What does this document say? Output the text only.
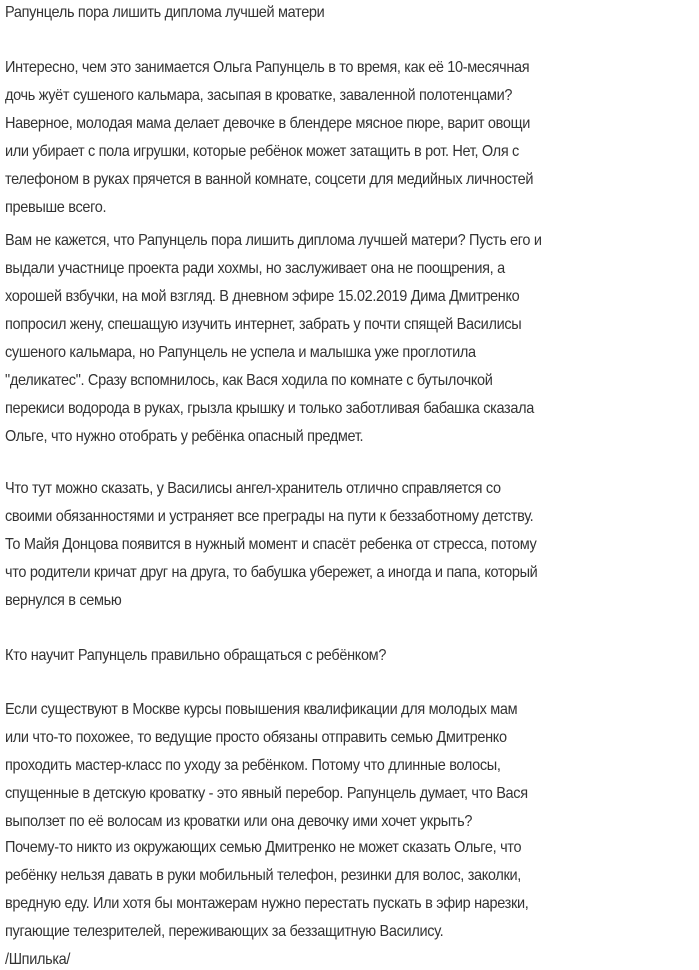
Рапунцель пора лишить диплома лучшей матери
Интересно, чем это занимается Ольга Рапунцель в то время, как её 10-месячная
дочь жуёт сушеного кальмара, засыпая в кроватке, заваленной полотенцами?
Наверное, молодая мама делает девочке в блендере мясное пюре, варит овощи
или убирает с пола игрушки, которые ребёнок может затащить в рот. Нет, Оля с
телефоном в руках прячется в ванной комнате, соцсети для медийных личностей
превыше всего.
Вам не кажется, что Рапунцель пора лишить диплома лучшей матери? Пусть его и
выдали участнице проекта ради хохмы, но заслуживает она не поощрения, а
хорошей взбучки, на мой взгляд. В дневном эфире 15.02.2019 Дима Дмитренко
попросил жену, спешащую изучить интернет, забрать у почти спящей Василисы
сушеного кальмара, но Рапунцель не успела и малышка уже проглотила
"деликатес". Сразу вспомнилось, как Вася ходила по комнате с бутылочкой
перекиси водорода в руках, грызла крышку и только заботливая бабашка сказала
Ольге, что нужно отобрать у ребёнка опасный предмет.
Что тут можно сказать, у Василисы ангел-хранитель отлично справляется со
своими обязанностями и устраняет все преграды на пути к беззаботному детству.
То Майя Донцова появится в нужный момент и спасёт ребенка от стресса, потому
что родители кричат друг на друга, то бабушка убережет, а иногда и папа, который
вернулся в семью
Кто научит Рапунцель правильно обращаться с ребёнком?
Если существуют в Москве курсы повышения квалификации для молодых мам
или что-то похожее, то ведущие просто обязаны отправить семью Дмитренко
проходить мастер-класс по уходу за ребёнком. Потому что длинные волосы,
спущенные в детскую кроватку - это явный перебор. Рапунцель думает, что Вася
выползет по её волосам из кроватки или она девочку ими хочет укрыть?
Почему-то никто из окружающих семью Дмитренко не может сказать Ольге, что
ребёнку нельзя давать в руки мобильный телефон, резинки для волос, заколки,
вредную еду. Или хотя бы монтажерам нужно перестать пускать в эфир нарезки,
пугающие телезрителей, переживающих за беззащитную Василису.
/Шпилька/
